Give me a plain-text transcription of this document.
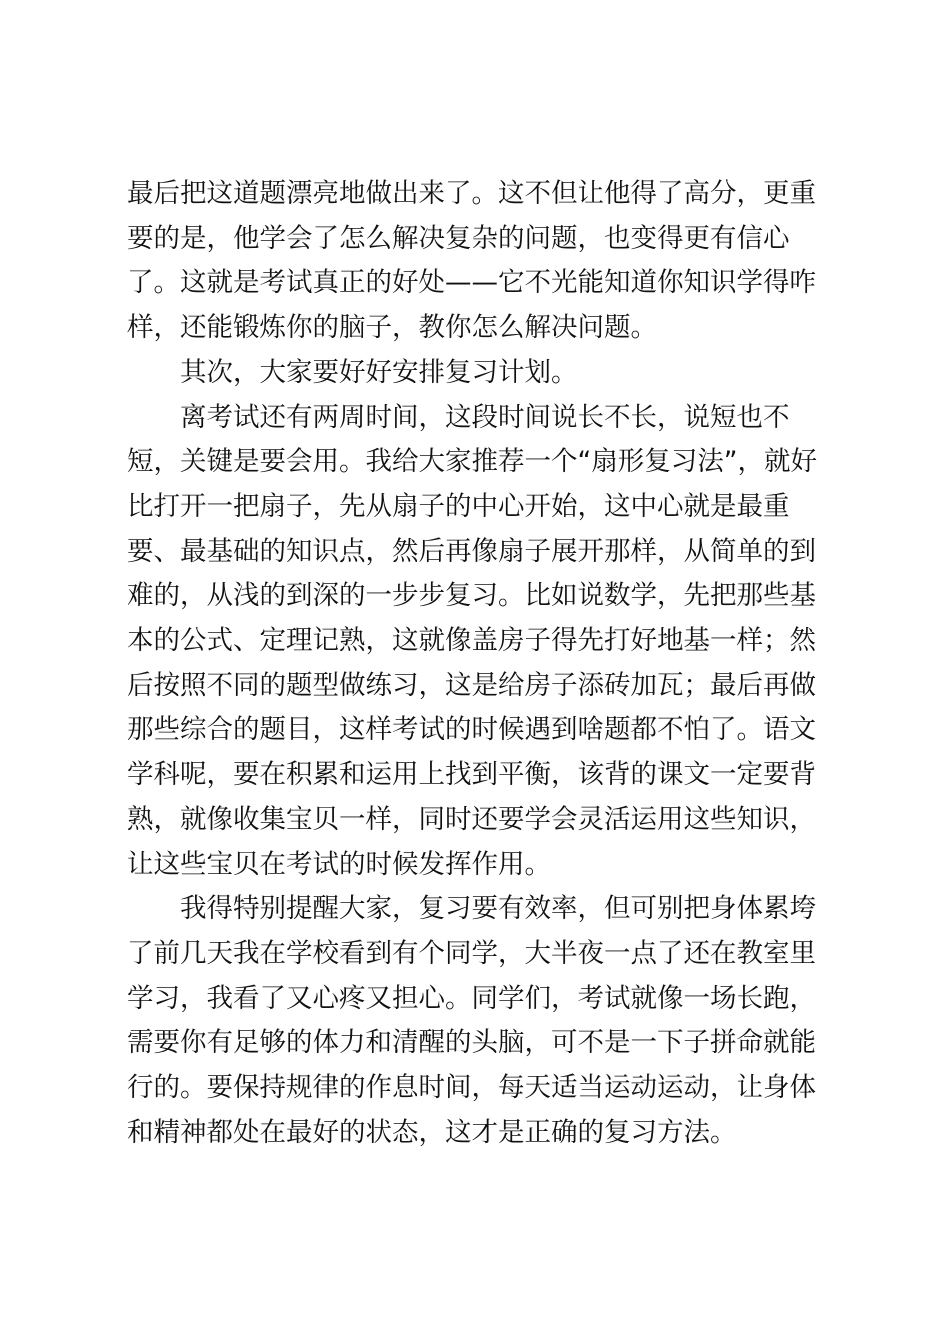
最后把这道题漂亮地做出来了。这不但让他得了高分，更重要的是，他学会了怎么解决复杂的问题，也变得更有信心了。这就是考试真正的好处——它不光能知道你知识学得咋样，还能锻炼你的脑子，教你怎么解决问题。

　　其次，大家要好好安排复习计划。

　　离考试还有两周时间，这段时间说长不长，说短也不短，关键是要会用。我给大家推荐一个“扇形复习法”，就好比打开一把扇子，先从扇子的中心开始，这中心就是最重要、最基础的知识点，然后再像扇子展开那样，从简单的到难的，从浅的到深的一步步复习。比如说数学，先把那些基本的公式、定理记熟，这就像盖房子得先打好地基一样；然后按照不同的题型做练习，这是给房子添砖加瓦；最后再做那些综合的题目，这样考试的时候遇到啥题都不怕了。语文学科呢，要在积累和运用上找到平衡，该背的课文一定要背熟，就像收集宝贝一样，同时还要学会灵活运用这些知识，让这些宝贝在考试的时候发挥作用。

　　我得特别提醒大家，复习要有效率，但可别把身体累垮了前几天我在学校看到有个同学，大半夜一点了还在教室里学习，我看了又心疼又担心。同学们，考试就像一场长跑，需要你有足够的体力和清醒的头脑，可不是一下子拼命就能行的。要保持规律的作息时间，每天适当运动运动，让身体和精神都处在最好的状态，这才是正确的复习方法。
